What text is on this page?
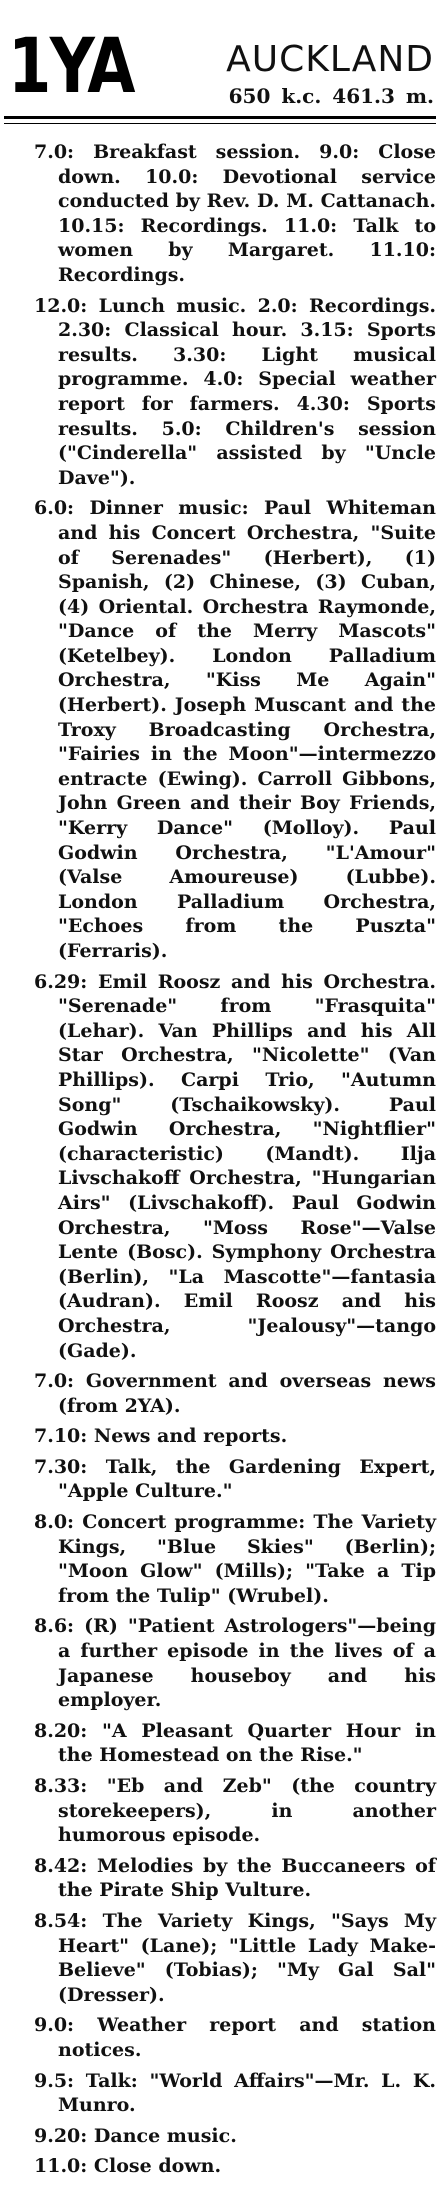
1YA	AUCKLAND
650 k.c. 461.3 m.
7.0: Breakfast session. 9.0: Close down. 10.0: Devotional service conducted by Rev. D. M. Cattanach. 10.15: Recordings. 11.0: Talk to women by Margaret. 11.10: Recordings.
12.0: Lunch music. 2.0: Recordings. 2.30: Classical hour. 3.15: Sports results. 3.30: Light musical programme. 4.0: Special weather report for farmers. 4.30: Sports results. 5.0: Children's session ("Cinderella" assisted by "Uncle Dave").
6.0: Dinner music: Paul Whiteman and his Concert Orchestra, "Suite of Serenades" (Herbert), (1) Spanish, (2) Chinese, (3) Cuban, (4) Oriental. Orchestra Raymonde, "Dance of the Merry Mascots" (Ketelbey). London Palladium Orchestra, "Kiss Me Again" (Herbert). Joseph Muscant and the Troxy Broadcasting Orchestra, "Fairies in the Moon"—intermezzo entracte (Ewing). Carroll Gibbons, John Green and their Boy Friends, "Kerry Dance" (Molloy). Paul Godwin Orchestra, "L'Amour" (Valse Amoureuse) (Lubbe). London Palladium Orchestra, "Echoes from the Puszta" (Ferraris).
6.29: Emil Roosz and his Orchestra. "Serenade" from "Frasquita" (Lehar). Van Phillips and his All Star Orchestra, "Nicolette" (Van Phillips). Carpi Trio, "Autumn Song" (Tschaikowsky). Paul Godwin Orchestra, "Nightflier" (characteristic) (Mandt). Ilja Livschakoff Orchestra, "Hungarian Airs" (Livschakoff). Paul Godwin Orchestra, "Moss Rose"—Valse Lente (Bosc). Symphony Orchestra (Berlin), "La Mascotte"—fantasia (Audran). Emil Roosz and his Orchestra, "Jealousy"—tango (Gade).
7.0: Government and overseas news (from 2YA).
7.10: News and reports.
7.30: Talk, the Gardening Expert, "Apple Culture."
8.0: Concert programme: The Variety Kings, "Blue Skies" (Berlin); "Moon Glow" (Mills); "Take a Tip from the Tulip" (Wrubel).
8.6: (R) "Patient Astrologers"—being a further episode in the lives of a Japanese houseboy and his employer.
8.20: "A Pleasant Quarter Hour in the Homestead on the Rise."
8.33: "Eb and Zeb" (the country storekeepers), in another humorous episode.
8.42: Melodies by the Buccaneers of the Pirate Ship Vulture.
8.54: The Variety Kings, "Says My Heart" (Lane); "Little Lady Make-Believe" (Tobias); "My Gal Sal" (Dresser).
9.0: Weather report and station notices.
9.5: Talk: "World Affairs"—Mr. L. K. Munro.
9.20: Dance music.
11.0: Close down.
